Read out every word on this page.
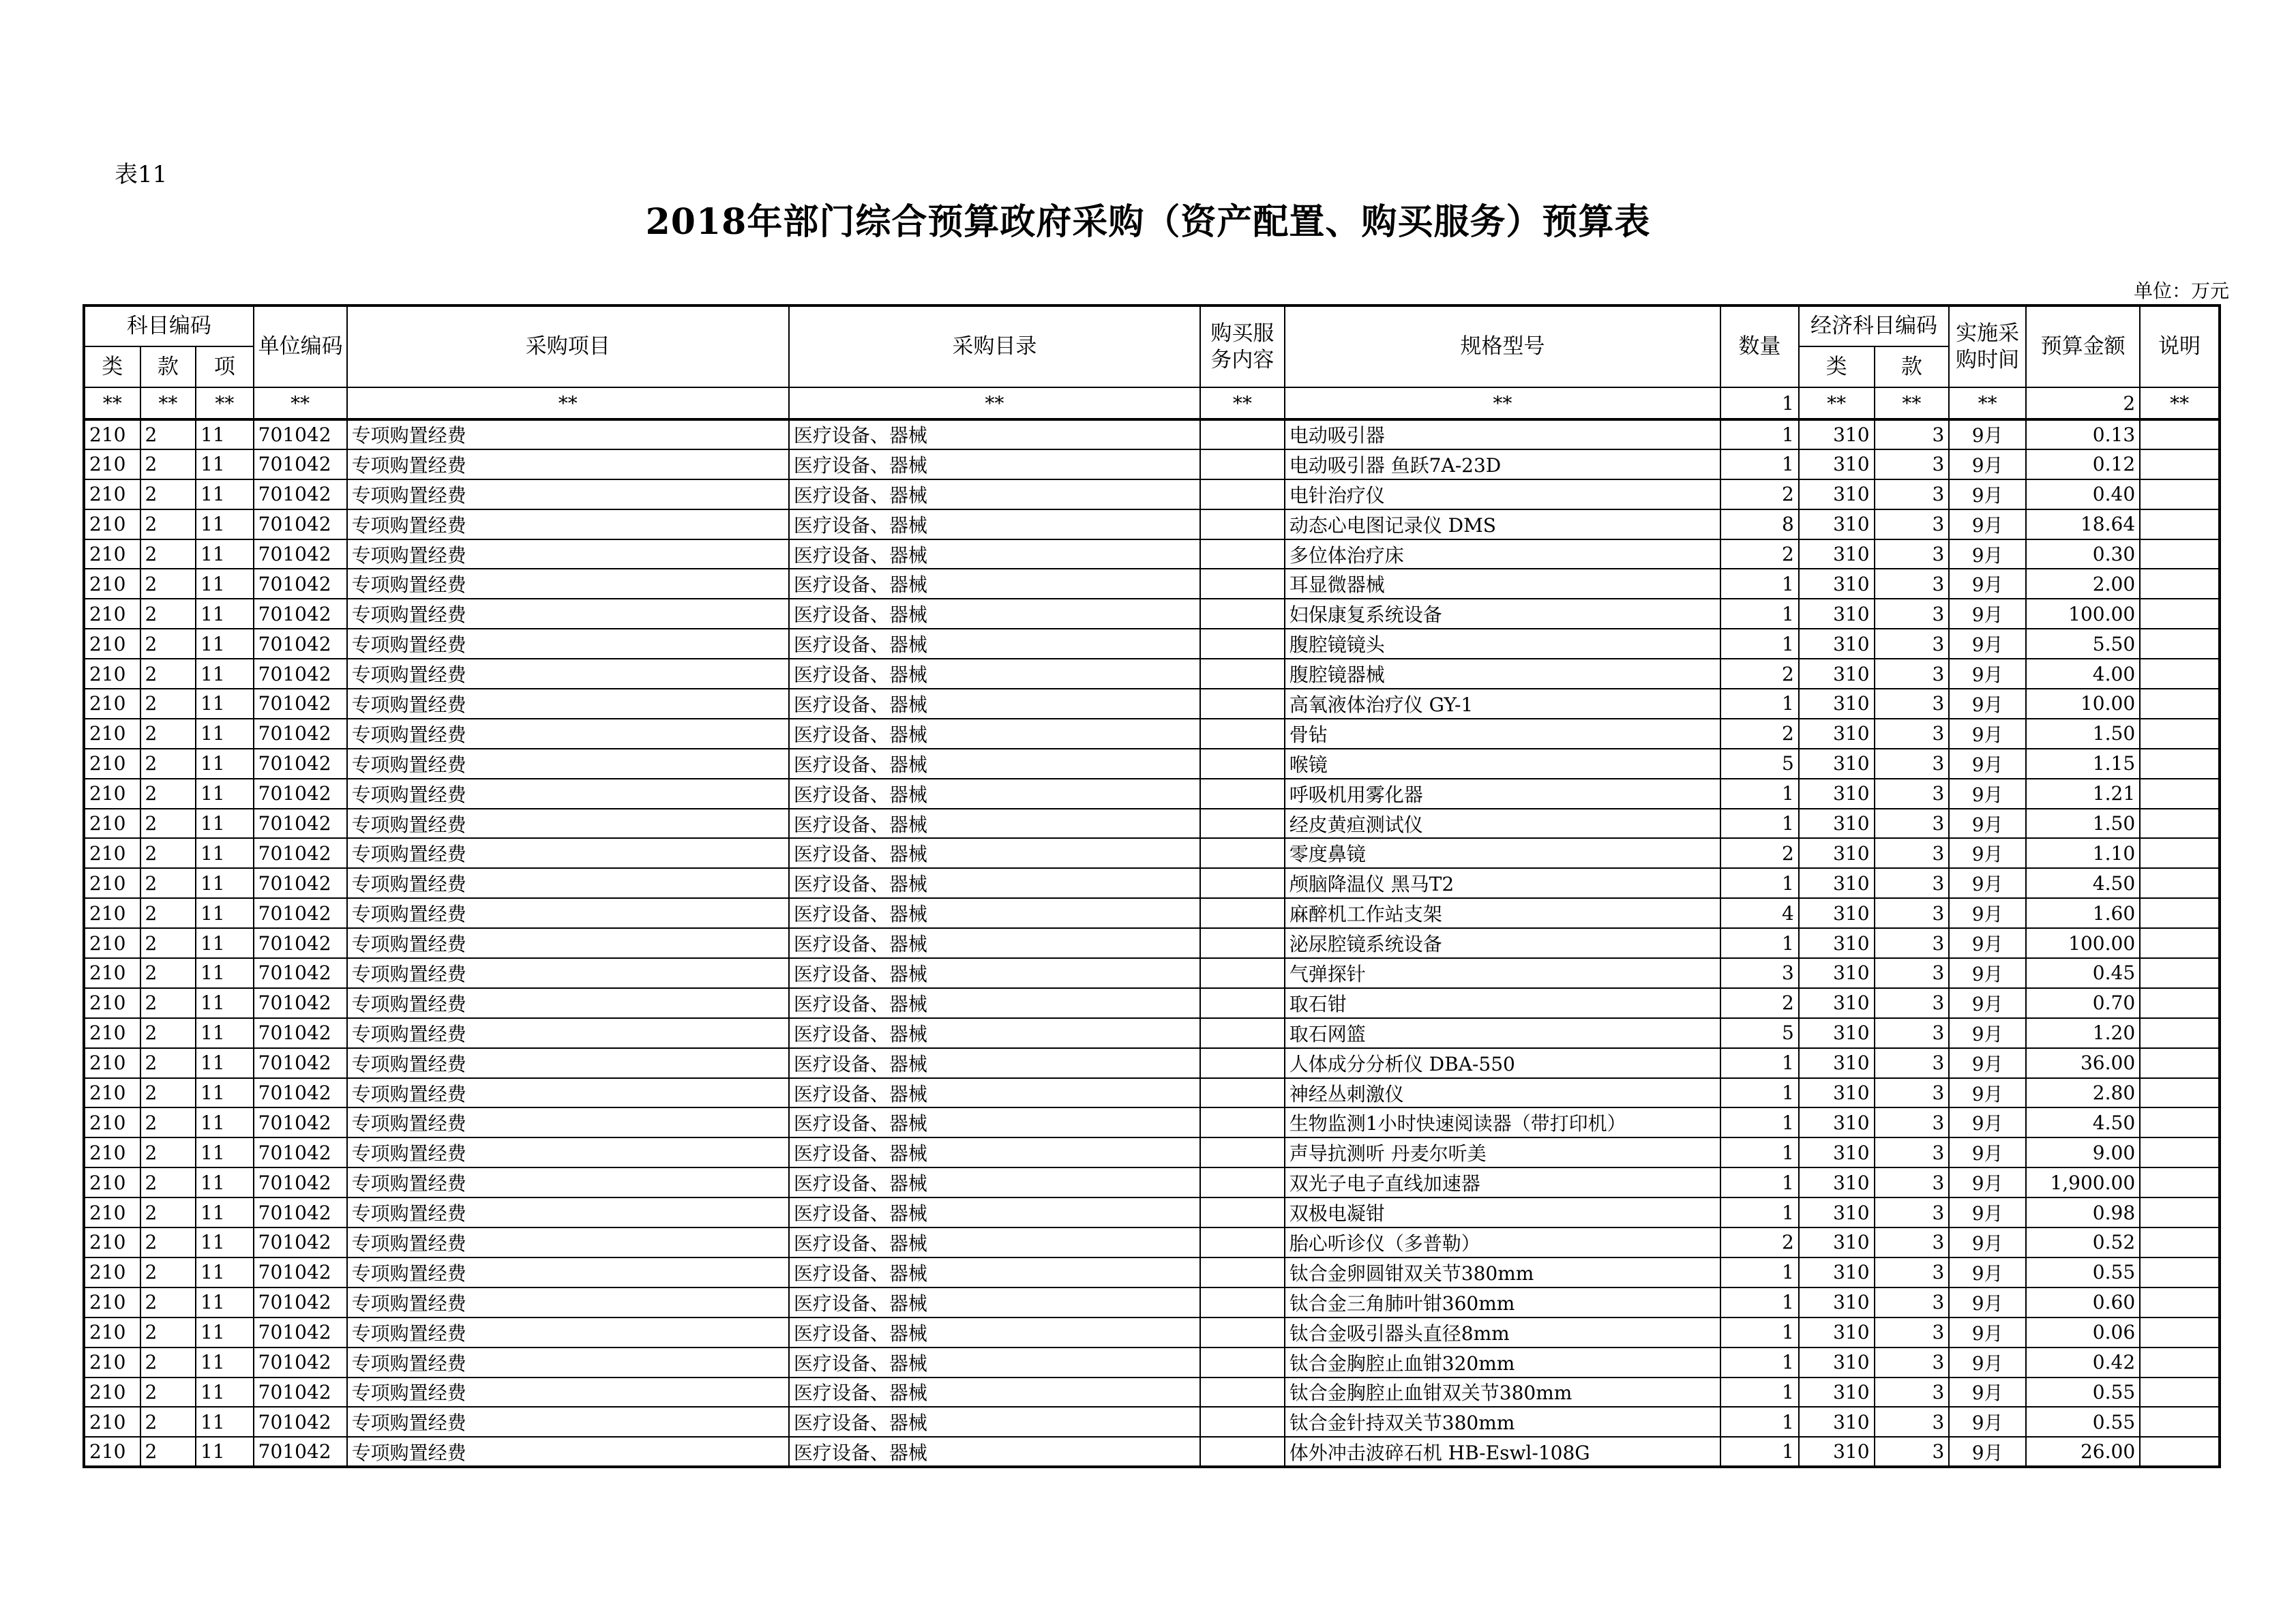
表11
2018年部门综合预算政府采购（资产配置、购买服务）预算表
单位：万元
科目编码			单位编码	采购项目	采购目录	购买服务内容	规格型号	数量	经济科目编码		实施采购时间	预算金额	说明
类	款	项							类	款			
**	**	**	**	**	**	**	**	1	**	**	**	2	**
210	2	11	701042	专项购置经费	医疗设备、器械		电动吸引器	1	310	3	9月	0.13	
210	2	11	701042	专项购置经费	医疗设备、器械		电动吸引器 鱼跃7A-23D	1	310	3	9月	0.12	
210	2	11	701042	专项购置经费	医疗设备、器械		电针治疗仪	2	310	3	9月	0.40	
210	2	11	701042	专项购置经费	医疗设备、器械		动态心电图记录仪 DMS	8	310	3	9月	18.64	
210	2	11	701042	专项购置经费	医疗设备、器械		多位体治疗床	2	310	3	9月	0.30	
210	2	11	701042	专项购置经费	医疗设备、器械		耳显微器械	1	310	3	9月	2.00	
210	2	11	701042	专项购置经费	医疗设备、器械		妇保康复系统设备	1	310	3	9月	100.00	
210	2	11	701042	专项购置经费	医疗设备、器械		腹腔镜镜头	1	310	3	9月	5.50	
210	2	11	701042	专项购置经费	医疗设备、器械		腹腔镜器械	2	310	3	9月	4.00	
210	2	11	701042	专项购置经费	医疗设备、器械		高氧液体治疗仪 GY-1	1	310	3	9月	10.00	
210	2	11	701042	专项购置经费	医疗设备、器械		骨钻	2	310	3	9月	1.50	
210	2	11	701042	专项购置经费	医疗设备、器械		喉镜	5	310	3	9月	1.15	
210	2	11	701042	专项购置经费	医疗设备、器械		呼吸机用雾化器	1	310	3	9月	1.21	
210	2	11	701042	专项购置经费	医疗设备、器械		经皮黄疸测试仪	1	310	3	9月	1.50	
210	2	11	701042	专项购置经费	医疗设备、器械		零度鼻镜	2	310	3	9月	1.10	
210	2	11	701042	专项购置经费	医疗设备、器械		颅脑降温仪 黑马T2	1	310	3	9月	4.50	
210	2	11	701042	专项购置经费	医疗设备、器械		麻醉机工作站支架	4	310	3	9月	1.60	
210	2	11	701042	专项购置经费	医疗设备、器械		泌尿腔镜系统设备	1	310	3	9月	100.00	
210	2	11	701042	专项购置经费	医疗设备、器械		气弹探针	3	310	3	9月	0.45	
210	2	11	701042	专项购置经费	医疗设备、器械		取石钳	2	310	3	9月	0.70	
210	2	11	701042	专项购置经费	医疗设备、器械		取石网篮	5	310	3	9月	1.20	
210	2	11	701042	专项购置经费	医疗设备、器械		人体成分分析仪 DBA-550	1	310	3	9月	36.00	
210	2	11	701042	专项购置经费	医疗设备、器械		神经丛刺激仪	1	310	3	9月	2.80	
210	2	11	701042	专项购置经费	医疗设备、器械		生物监测1小时快速阅读器（带打印机）	1	310	3	9月	4.50	
210	2	11	701042	专项购置经费	医疗设备、器械		声导抗测听 丹麦尔听美	1	310	3	9月	9.00	
210	2	11	701042	专项购置经费	医疗设备、器械		双光子电子直线加速器	1	310	3	9月	1,900.00	
210	2	11	701042	专项购置经费	医疗设备、器械		双极电凝钳	1	310	3	9月	0.98	
210	2	11	701042	专项购置经费	医疗设备、器械		胎心听诊仪（多普勒）	2	310	3	9月	0.52	
210	2	11	701042	专项购置经费	医疗设备、器械		钛合金卵圆钳双关节380mm	1	310	3	9月	0.55	
210	2	11	701042	专项购置经费	医疗设备、器械		钛合金三角肺叶钳360mm	1	310	3	9月	0.60	
210	2	11	701042	专项购置经费	医疗设备、器械		钛合金吸引器头直径8mm	1	310	3	9月	0.06	
210	2	11	701042	专项购置经费	医疗设备、器械		钛合金胸腔止血钳320mm	1	310	3	9月	0.42	
210	2	11	701042	专项购置经费	医疗设备、器械		钛合金胸腔止血钳双关节380mm	1	310	3	9月	0.55	
210	2	11	701042	专项购置经费	医疗设备、器械		钛合金针持双关节380mm	1	310	3	9月	0.55	
210	2	11	701042	专项购置经费	医疗设备、器械		体外冲击波碎石机 HB-Eswl-108G	1	310	3	9月	26.00	
